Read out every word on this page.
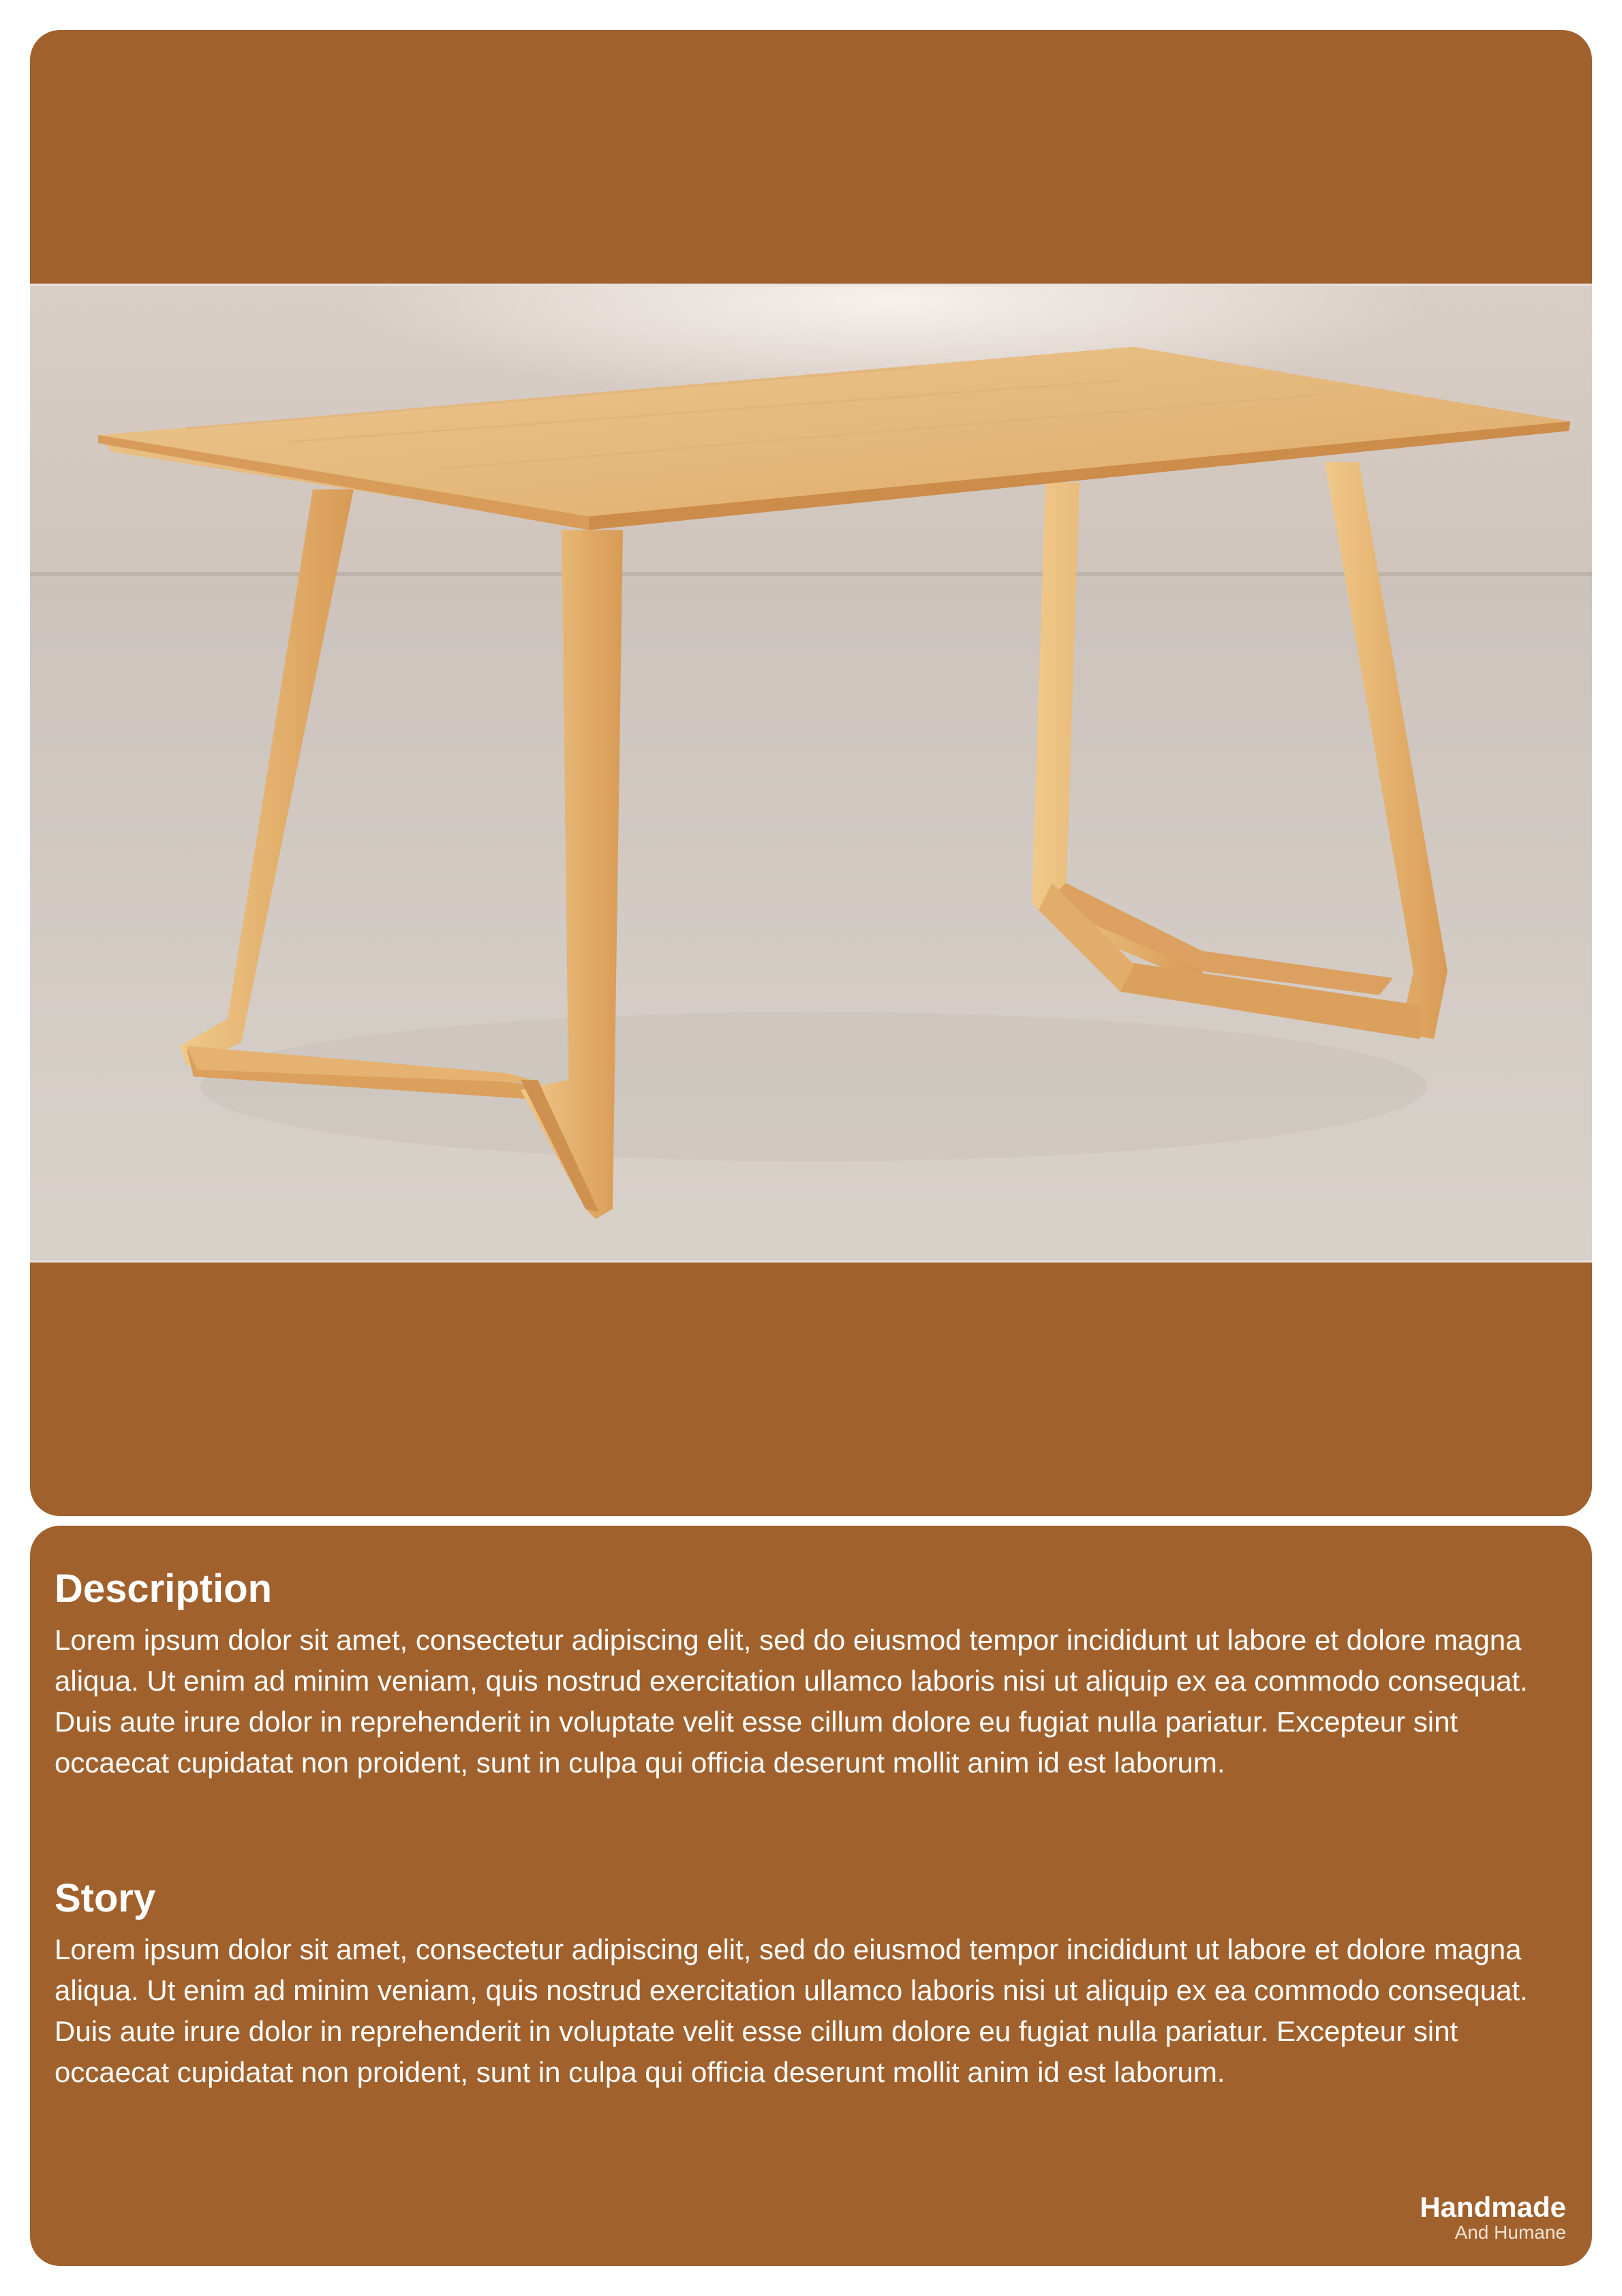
Description

Lorem ipsum dolor sit amet, consectetur adipiscing elit, sed do eiusmod tempor incididunt ut labore et dolore magna aliqua. Ut enim ad minim veniam, quis nostrud exercitation ullamco laboris nisi ut aliquip ex ea commodo consequat. Duis aute irure dolor in reprehenderit in voluptate velit esse cillum dolore eu fugiat nulla pariatur. Excepteur sint occaecat cupidatat non proident, sunt in culpa qui officia deserunt mollit anim id est laborum.

Story

Lorem ipsum dolor sit amet, consectetur adipiscing elit, sed do eiusmod tempor incididunt ut labore et dolore magna aliqua. Ut enim ad minim veniam, quis nostrud exercitation ullamco laboris nisi ut aliquip ex ea commodo consequat. Duis aute irure dolor in reprehenderit in voluptate velit esse cillum dolore eu fugiat nulla pariatur. Excepteur sint occaecat cupidatat non proident, sunt in culpa qui officia deserunt mollit anim id est laborum.

Handmade
And Humane
